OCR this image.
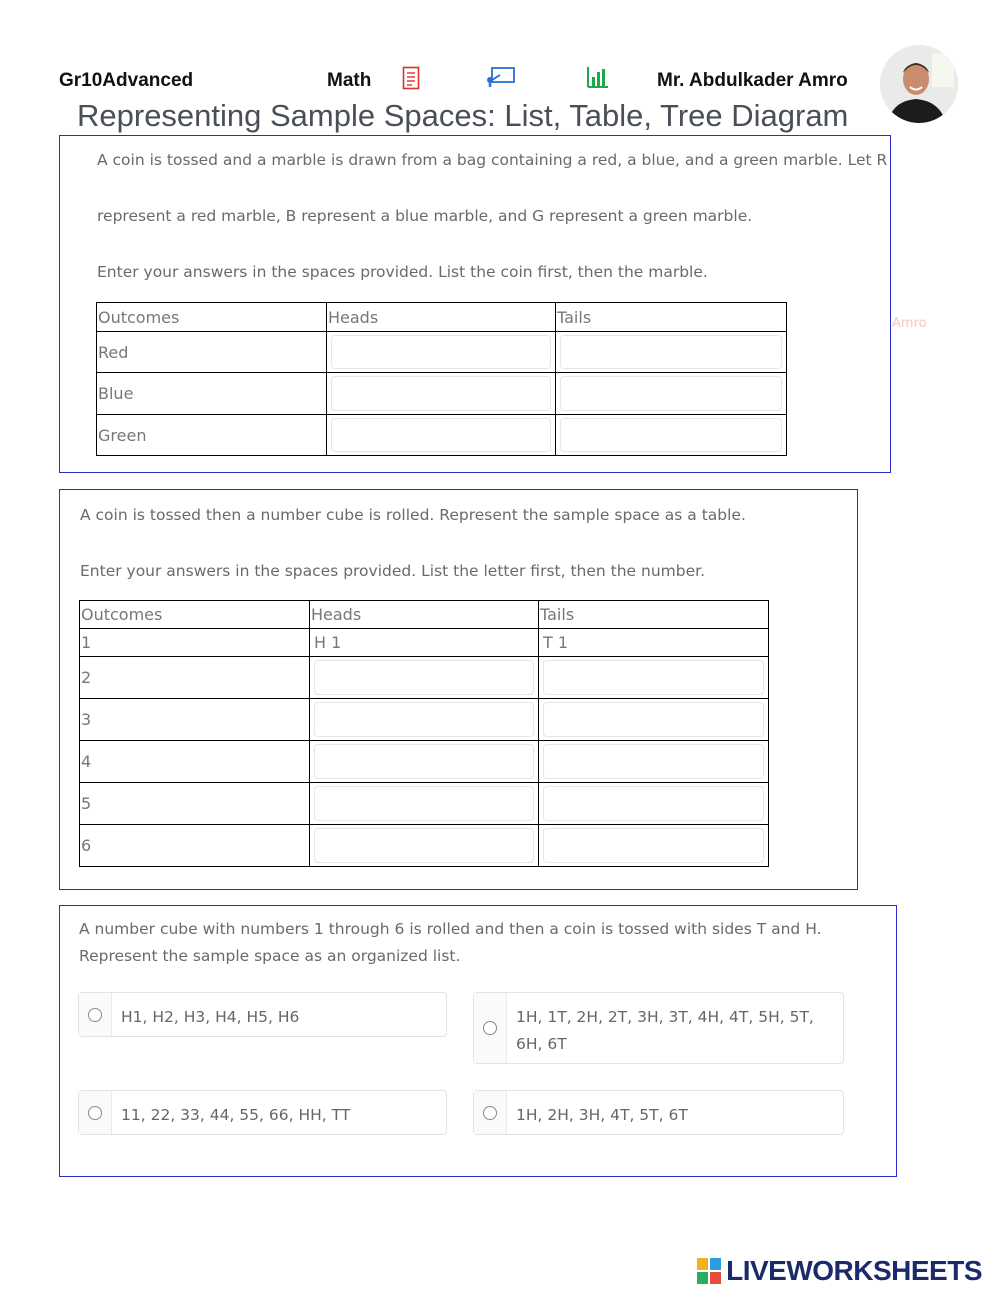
Gr10Advanced	Math	Mr. Abdulkader Amro
Representing Sample Spaces: List, Table, Tree Diagram
Amro
A coin is tossed and a marble is drawn from a bag containing a red, a blue, and a green marble. Let R
represent a red marble, B represent a blue marble, and G represent a green marble.
Enter your answers in the spaces provided. List the coin first, then the marble.
Outcomes	Heads	Tails
Red	

Blue	

Green	

A coin is tossed then a number cube is rolled. Represent the sample space as a table.
Enter your answers in the spaces provided. List the letter first, then the number.
Outcomes	Heads	Tails
1	H 1	T 1
2	

3	

4	

5	

6	

A number cube with numbers 1 through 6 is rolled and then a coin is tossed with sides T and H.
Represent the sample space as an organized list.
H1, H2, H3, H4, H5, H6	1H, 1T, 2H, 2T, 3H, 3T, 4H, 4T, 5H, 5T, 6H, 6T
11, 22, 33, 44, 55, 66, HH, TT	1H, 2H, 3H, 4T, 5T, 6T
LIVEWORKSHEETS
